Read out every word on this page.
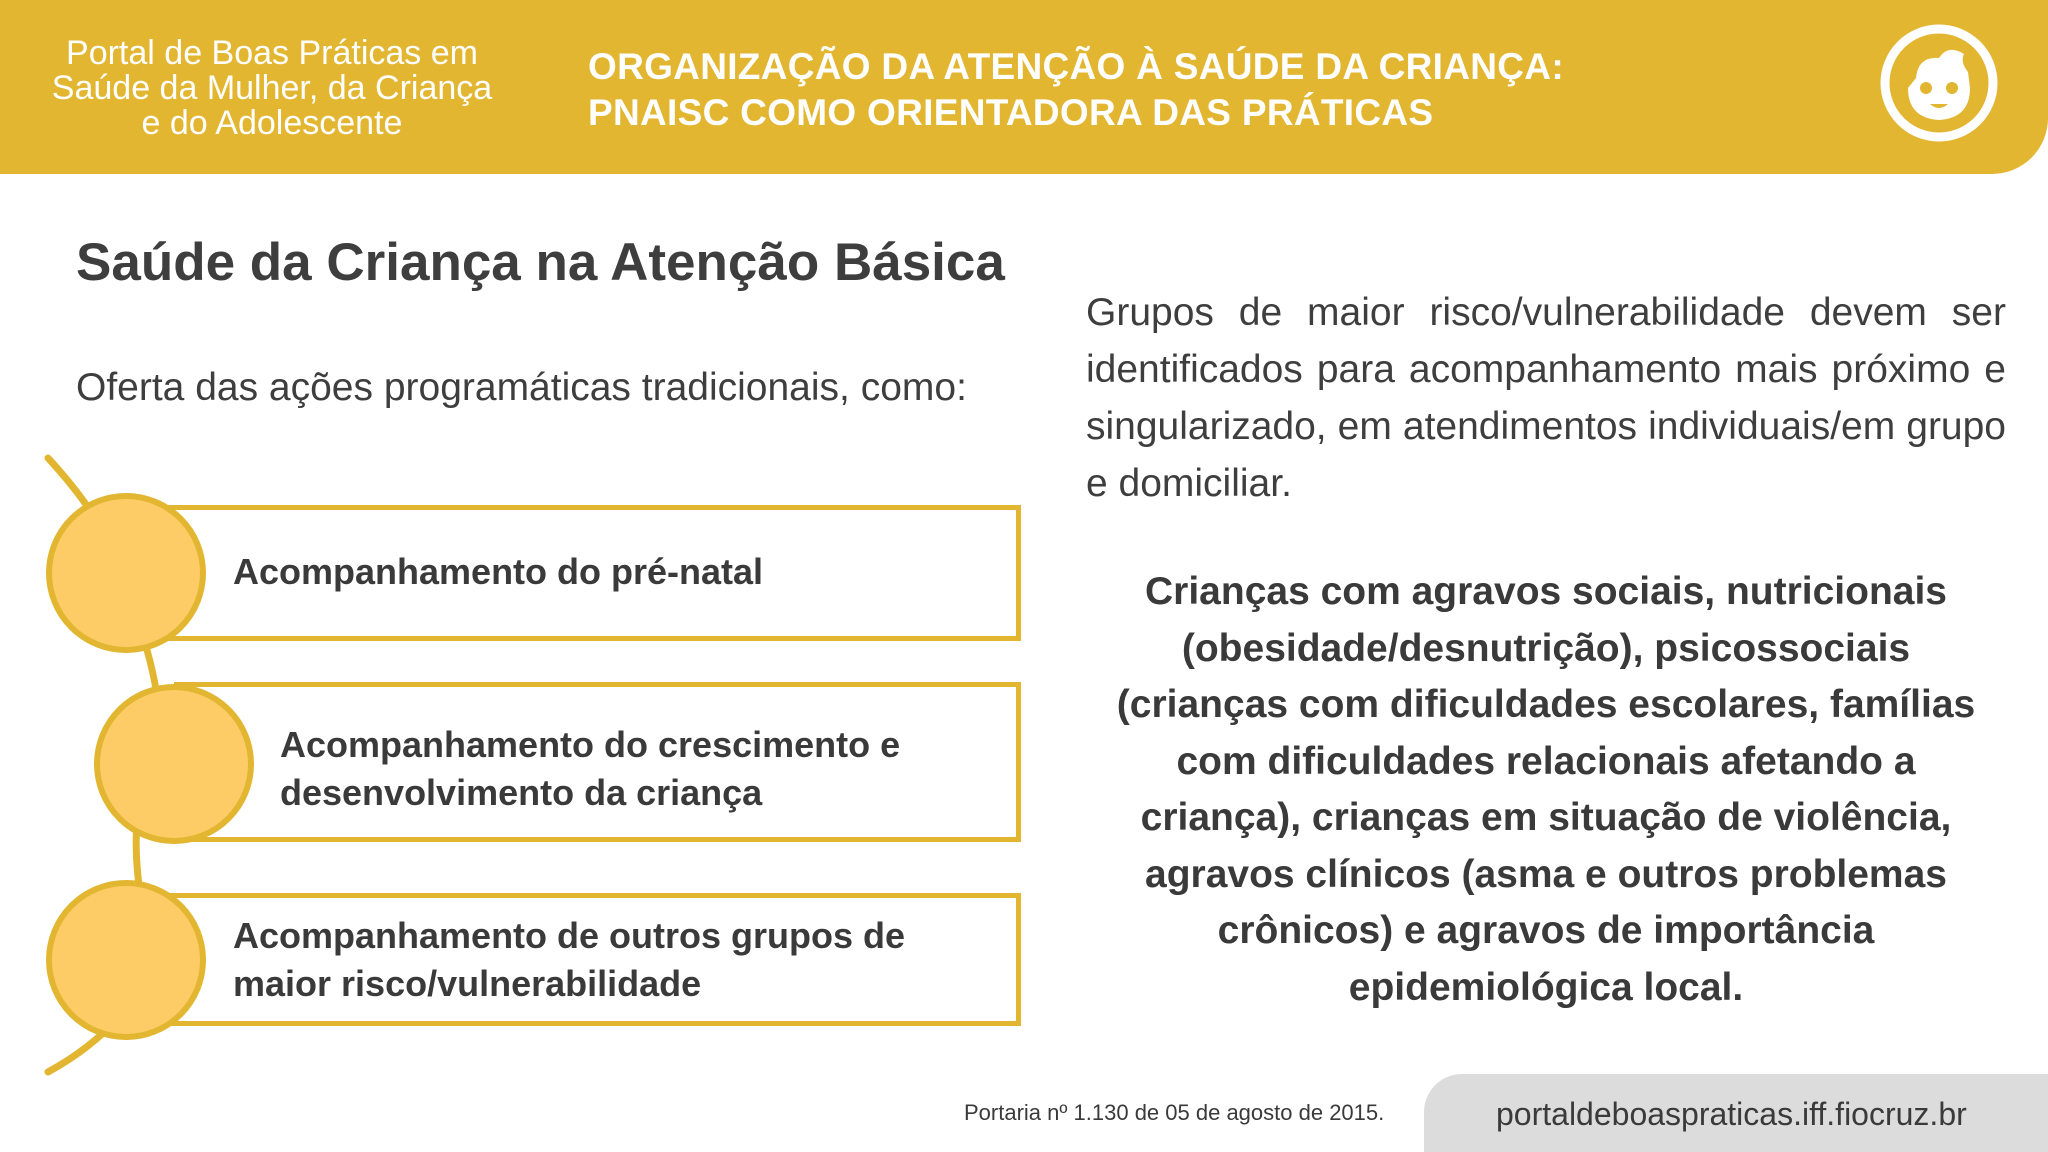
Portal de Boas Práticas em
Saúde da Mulher, da Criança
e do Adolescente
ORGANIZAÇÃO DA ATENÇÃO À SAÚDE DA CRIANÇA:
PNAISC COMO ORIENTADORA DAS PRÁTICAS
Saúde da Criança na Atenção Básica
Oferta das ações programáticas tradicionais, como:
Acompanhamento do pré-natal
Acompanhamento do crescimento e
desenvolvimento da criança
Acompanhamento de outros grupos de
maior risco/vulnerabilidade
Grupos de maior risco/vulnerabilidade devem ser identificados para acompanhamento mais próximo e singularizado, em atendimentos individuais/em grupo e domiciliar.
Crianças com agravos sociais, nutricionais
(obesidade/desnutrição), psicossociais
(crianças com dificuldades escolares, famílias
com dificuldades relacionais afetando a
criança), crianças em situação de violência,
agravos clínicos (asma e outros problemas
crônicos) e agravos de importância
epidemiológica local.
Portaria nº 1.130 de 05 de agosto de 2015.	portaldeboaspraticas.iff.fiocruz.br
